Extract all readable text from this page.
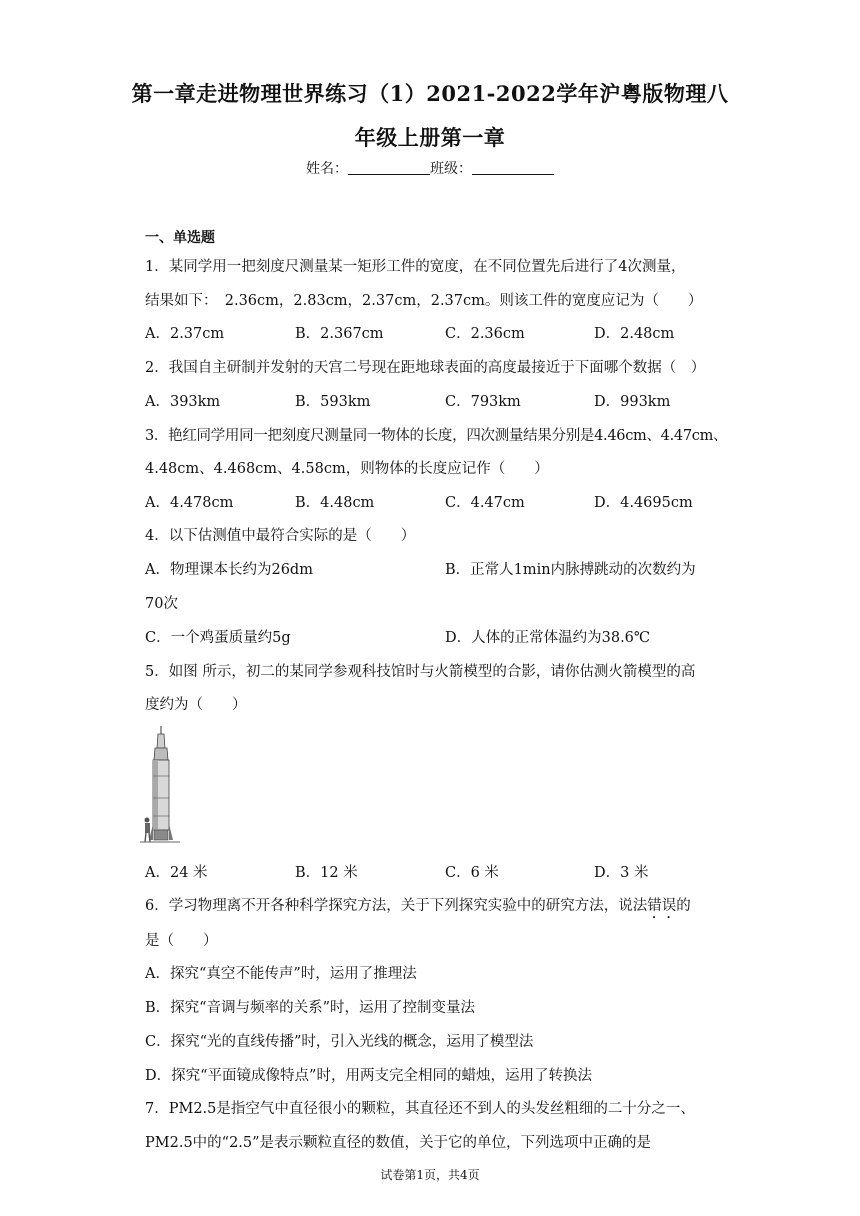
第一章走进物理世界练习（1）2021-2022学年沪粤版物理八
年级上册第一章
姓名：	班级：
一、单选题
1．某同学用一把刻度尺测量某一矩形工件的宽度，在不同位置先后进行了4次测量，
结果如下：　2.36cm，2.83cm，2.37cm，2.37cm。则该工件的宽度应记为（　　）
A．2.37cm	B．2.367cm	C．2.36cm	D．2.48cm
2．我国自主研制并发射的天宫二号现在距地球表面的高度最接近于下面哪个数据（　）
A．393km	B．593km	C．793km	D．993km
3．艳红同学用同一把刻度尺测量同一物体的长度，四次测量结果分别是4.46cm、4.47cm、
4.48cm、4.468cm、4.58cm，则物体的长度应记作（　　）
A．4.478cm	B．4.48cm	C．4.47cm	D．4.4695cm
4．以下估测值中最符合实际的是（　　）
A．物理课本长约为26dm	B．正常人1min内脉搏跳动的次数约为
70次
C．一个鸡蛋质量约5g	D．人体的正常体温约为38.6℃
5．如图 所示，初二的某同学参观科技馆时与火箭模型的合影，请你估测火箭模型的高
度约为（　　）
A．24 米	B．12 米	C．6 米	D．3 米
6．学习物理离不开各种科学探究方法，关于下列探究实验中的研究方法，说法错误的
是（　　）
A．探究“真空不能传声”时，运用了推理法
B．探究“音调与频率的关系”时，运用了控制变量法
C．探究“光的直线传播”时，引入光线的概念，运用了模型法
D．探究“平面镜成像特点”时，用两支完全相同的蜡烛，运用了转换法
7．PM2.5是指空气中直径很小的颗粒，其直径还不到人的头发丝粗细的二十分之一、
PM2.5中的“2.5”是表示颗粒直径的数值，关于它的单位，下列选项中正确的是
试卷第1页，共4页
